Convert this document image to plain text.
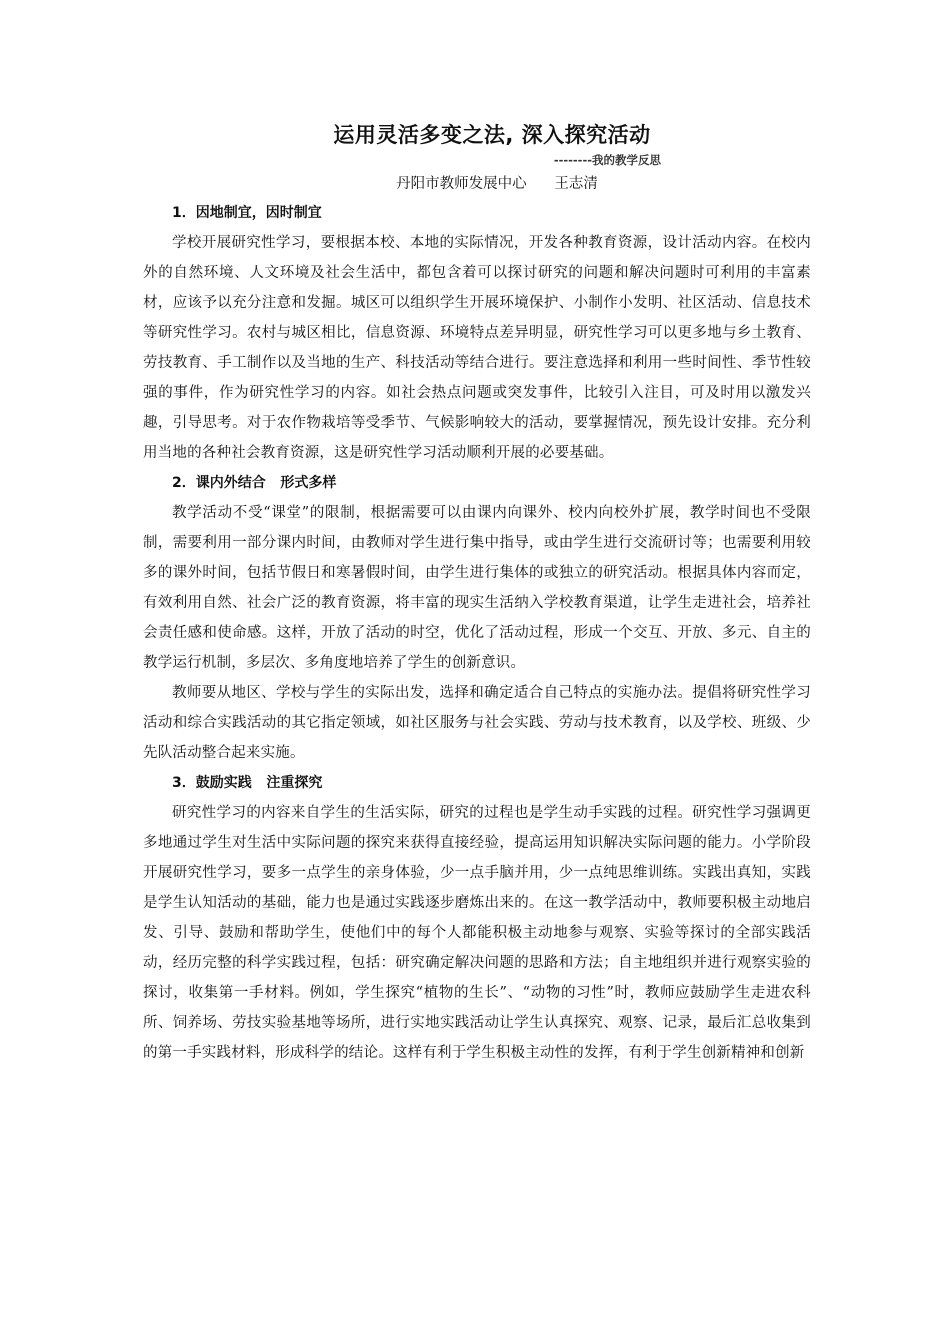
运用灵活多变之法, 深入探究活动
--------我的教学反思
丹阳市教师发展中心      王志清
1．因地制宜，因时制宜

学校开展研究性学习，要根据本校、本地的实际情况，开发各种教育资源，设计活动内容。在校内外的自然环境、人文环境及社会生活中，都包含着可以探讨研究的问题和解决问题时可利用的丰富素材，应该予以充分注意和发掘。城区可以组织学生开展环境保护、小制作小发明、社区活动、信息技术等研究性学习。农村与城区相比，信息资源、环境特点差异明显，研究性学习可以更多地与乡土教育、劳技教育、手工制作以及当地的生产、科技活动等结合进行。要注意选择和利用一些时间性、季节性较强的事件，作为研究性学习的内容。如社会热点问题或突发事件，比较引入注目，可及时用以激发兴趣，引导思考。对于农作物栽培等受季节、气候影响较大的活动，要掌握情况，预先设计安排。充分利用当地的各种社会教育资源，这是研究性学习活动顺利开展的必要基础。

2．课内外结合   形式多样

教学活动不受“课堂”的限制，根据需要可以由课内向课外、校内向校外扩展，教学时间也不受限制，需要利用一部分课内时间，由教师对学生进行集中指导，或由学生进行交流研讨等；也需要利用较多的课外时间，包括节假日和寒暑假时间，由学生进行集体的或独立的研究活动。根据具体内容而定，有效利用自然、社会广泛的教育资源，将丰富的现实生活纳入学校教育渠道，让学生走进社会，培养社会责任感和使命感。这样，开放了活动的时空，优化了活动过程，形成一个交互、开放、多元、自主的教学运行机制，多层次、多角度地培养了学生的创新意识。

教师要从地区、学校与学生的实际出发，选择和确定适合自己特点的实施办法。提倡将研究性学习活动和综合实践活动的其它指定领域，如社区服务与社会实践、劳动与技术教育，以及学校、班级、少先队活动整合起来实施。

3．鼓励实践   注重探究

研究性学习的内容来自学生的生活实际，研究的过程也是学生动手实践的过程。研究性学习强调更多地通过学生对生活中实际问题的探究来获得直接经验，提高运用知识解决实际问题的能力。小学阶段开展研究性学习，要多一点学生的亲身体验，少一点手脑并用，少一点纯思维训练。实践出真知，实践是学生认知活动的基础，能力也是通过实践逐步磨炼出来的。在这一教学活动中，教师要积极主动地启发、引导、鼓励和帮助学生，使他们中的每个人都能积极主动地参与观察、实验等探讨的全部实践活动，经历完整的科学实践过程，包括：研究确定解决问题的思路和方法；自主地组织并进行观察实验的探讨，收集第一手材料。例如，学生探究“植物的生长”、“动物的习性”时，教师应鼓励学生走进农科所、饲养场、劳技实验基地等场所，进行实地实践活动让学生认真探究、观察、记录，最后汇总收集到的第一手实践材料，形成科学的结论。这样有利于学生积极主动性的发挥，有利于学生创新精神和创新
